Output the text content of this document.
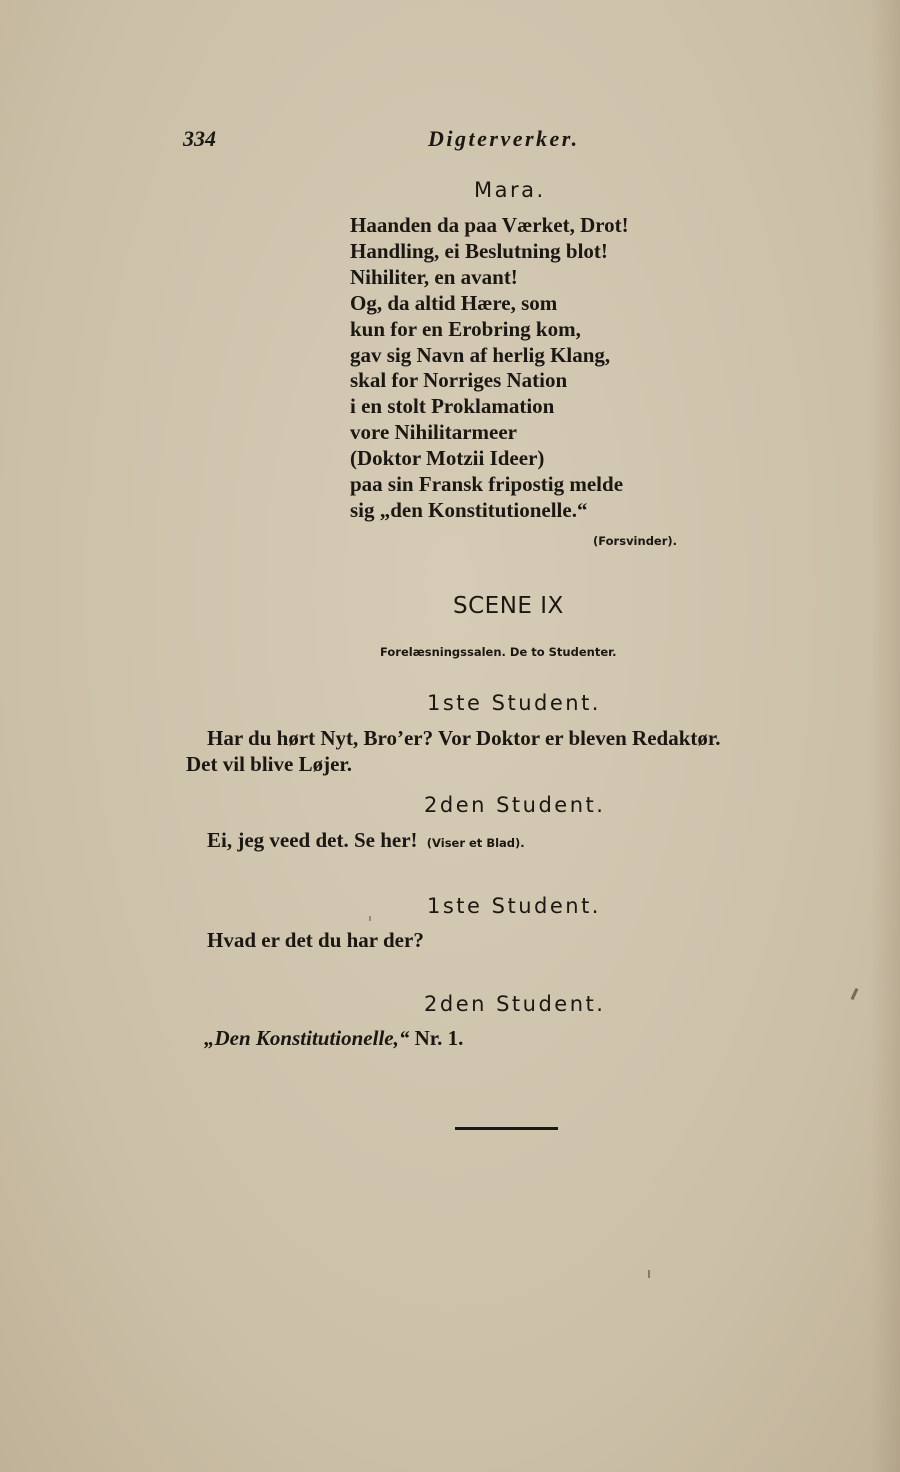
334	Digterverker.
Mara.
Haanden da paa Værket, Drot!
Handling, ei Beslutning blot!
Nihiliter, en avant!
Og, da altid Hære, som
kun for en Erobring kom,
gav sig Navn af herlig Klang,
skal for Norriges Nation
i en stolt Proklamation
vore Nihilitarmeer
(Doktor Motzii Ideer)
paa sin Fransk fripostig melde
sig „den Konstitutionelle.“
(Forsvinder).
SCENE IX
Forelæsningssalen. De to Studenter.
1ste Student.
Har du hørt Nyt, Bro’er? Vor Doktor er bleven Redaktør.
Det vil blive Løjer.
2den Student.
Ei, jeg veed det. Se her! (Viser et Blad).
1ste Student.
Hvad er det du har der?
2den Student.
„Den Konstitutionelle,“ Nr. 1.
